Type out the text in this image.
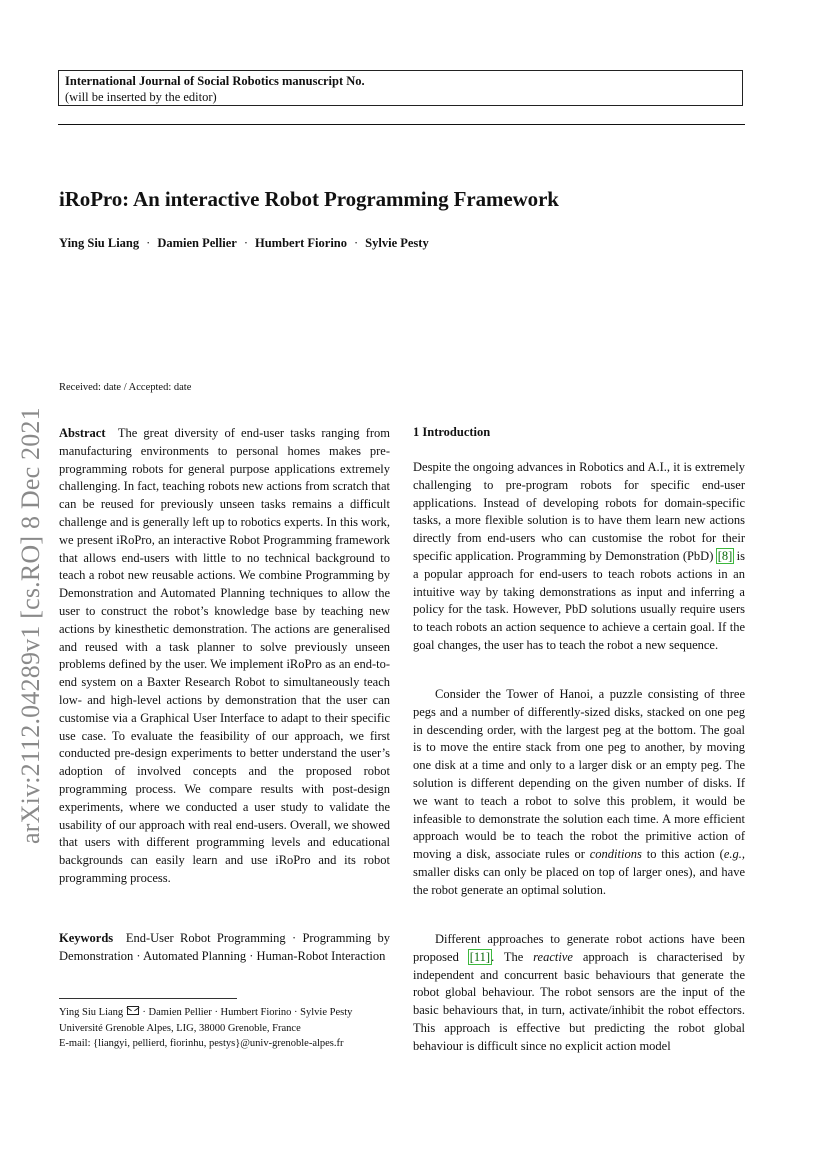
International Journal of Social Robotics manuscript No.
(will be inserted by the editor)
iRoPro: An interactive Robot Programming Framework
Ying Siu Liang · Damien Pellier · Humbert Fiorino · Sylvie Pesty
arXiv:2112.04289v1 [cs.RO] 8 Dec 2021
Received: date / Accepted: date

Abstract The great diversity of end-user tasks ranging from manufacturing environments to personal homes makes pre-programming robots for general purpose applications extremely challenging. In fact, teaching robots new actions from scratch that can be reused for previously unseen tasks remains a difficult challenge and is generally left up to robotics experts. In this work, we present iRoPro, an interactive Robot Programming framework that allows end-users with little to no technical background to teach a robot new reusable actions. We combine Programming by Demonstration and Automated Planning techniques to allow the user to construct the robot’s knowledge base by teaching new actions by kinesthetic demonstration. The actions are generalised and reused with a task planner to solve previously unseen problems defined by the user. We implement iRoPro as an end-to-end system on a Baxter Research Robot to simultaneously teach low- and high-level actions by demonstration that the user can customise via a Graphical User Interface to adapt to their specific use case. To evaluate the feasibility of our approach, we first conducted pre-design experiments to better understand the user’s adoption of involved concepts and the proposed robot programming process. We compare results with post-design experiments, where we conducted a user study to validate the usability of our approach with real end-users. Overall, we showed that users with different programming levels and educational backgrounds can easily learn and use iRoPro and its robot programming process.

Keywords End-User Robot Programming · Programming by Demonstration · Automated Planning · Human-Robot Interaction

Ying Siu Liang · Damien Pellier · Humbert Fiorino · Sylvie Pesty
Université Grenoble Alpes, LIG, 38000 Grenoble, France
E-mail: {liangyi, pellierd, fiorinhu, pestys}@univ-grenoble-alpes.fr
1 Introduction

Despite the ongoing advances in Robotics and A.I., it is extremely challenging to pre-program robots for specific end-user applications. Instead of developing robots for domain-specific tasks, a more flexible solution is to have them learn new actions directly from end-users who can customise the robot for their specific application. Programming by Demonstration (PbD) [8] is a popular approach for end-users to teach robots actions in an intuitive way by taking demonstrations as input and inferring a policy for the task. However, PbD solutions usually require users to teach robots an action sequence to achieve a certain goal. If the goal changes, the user has to teach the robot a new sequence.

Consider the Tower of Hanoi, a puzzle consisting of three pegs and a number of differently-sized disks, stacked on one peg in descending order, with the largest peg at the bottom. The goal is to move the entire stack from one peg to another, by moving one disk at a time and only to a larger disk or an empty peg. The solution is different depending on the given number of disks. If we want to teach a robot to solve this problem, it would be infeasible to demonstrate the solution each time. A more efficient approach would be to teach the robot the primitive action of moving a disk, associate rules or conditions to this action (e.g., smaller disks can only be placed on top of larger ones), and have the robot generate an optimal solution.

Different approaches to generate robot actions have been proposed [11]. The reactive approach is characterised by independent and concurrent basic behaviours that generate the robot global behaviour. The robot sensors are the input of the basic behaviours that, in turn, activate/inhibit the robot effectors. This approach is effective but predicting the robot global behaviour is difficult since no explicit action model
